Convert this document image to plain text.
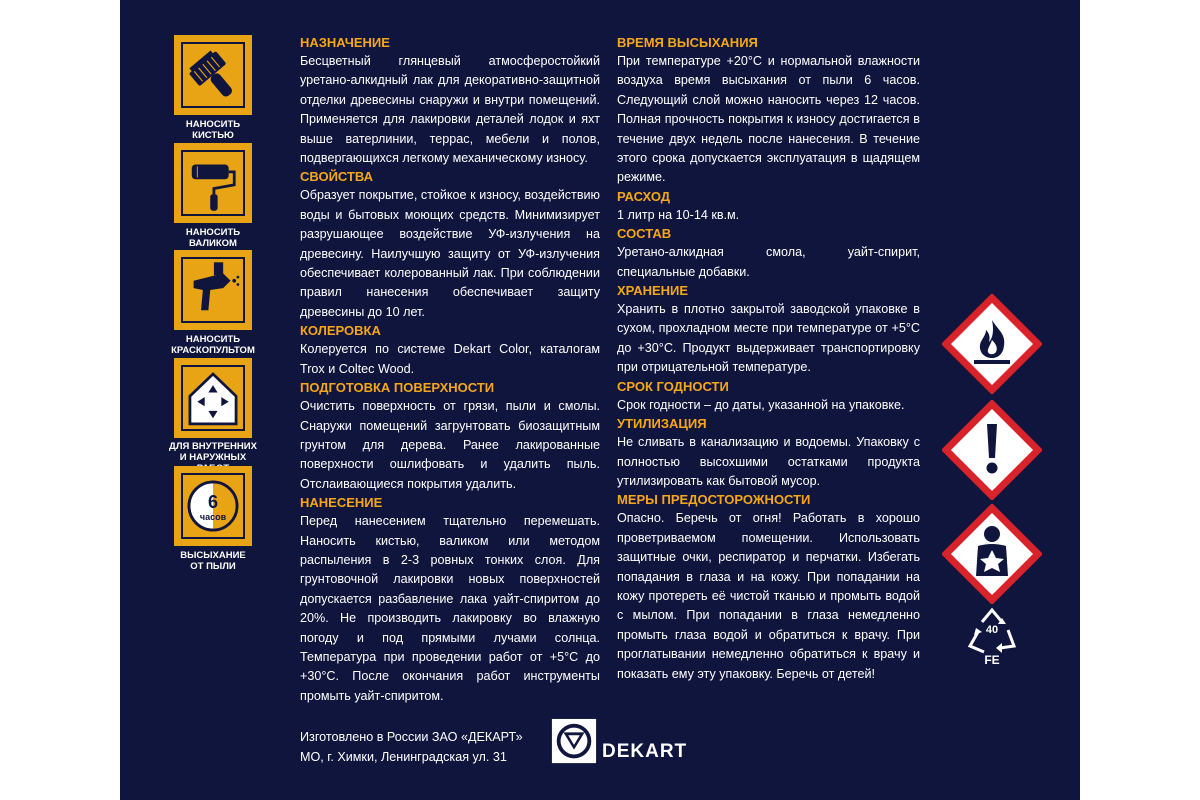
НАНОСИТЬ
КИСТЬЮ
НАНОСИТЬ
ВАЛИКОМ
НАНОСИТЬ
КРАСКОПУЛЬТОМ
ДЛЯ ВНУТРЕННИХ
И НАРУЖНЫХ
6
часов
ВЫСЫХАНИЕ
ОТ ПЫЛИ
НАЗНАЧЕНИЕ

Бесцветный глянцевый атмосферостойкий уретано-алкидный лак для декоративно-защитной отделки древесины снаружи и внутри помещений. Применяется для лакировки деталей лодок и яхт выше ватерлинии, террас, мебели и полов, подвергающихся легкому механическому износу.

СВОЙСТВА

Образует покрытие, стойкое к износу, воздействию воды и бытовых моющих средств. Минимизирует разрушающее воздействие УФ-излучения на древесину. Наилучшую защиту от УФ-излучения обеспечивает колерованный лак. При соблюдении правил нанесения обеспечивает защиту древесины до 10 лет.

КОЛЕРОВКА

Колеруется по системе Dekart Color, каталогам Trox и Coltec Wood.

ПОДГОТОВКА ПОВЕРХНОСТИ

Очистить поверхность от грязи, пыли и смолы. Снаружи помещений загрунтовать биозащитным грунтом для дерева. Ранее лакированные поверхности ошлифовать и удалить пыль. Отслаивающиеся покрытия удалить.

НАНЕСЕНИЕ

Перед нанесением тщательно перемешать. Наносить кистью, валиком или методом распыления в 2-3 ровных тонких слоя. Для грунтовочной лакировки новых поверхностей допускается разбавление лака уайт-спиритом до 20%. Не производить лакировку во влажную погоду и под прямыми лучами солнца. Температура при проведении работ от +5°С до +30°С. После окончания работ инструменты промыть уайт-спиритом.

ВРЕМЯ ВЫСЫХАНИЯ

При температуре +20°С и нормальной влажности воздуха время высыхания от пыли 6 часов. Следующий слой можно наносить через 12 часов. Полная прочность покрытия к износу достигается в течение двух недель после нанесения. В течение этого срока допускается эксплуатация в щадящем режиме.

РАСХОД

1 литр на 10-14 кв.м.

СОСТАВ

Уретано-алкидная смола, уайт-спирит, специальные добавки.

ХРАНЕНИЕ

Хранить в плотно закрытой заводской упаковке в сухом, прохладном месте при температуре от +5°С до +30°С. Продукт выдерживает транспортировку при отрицательной температуре.

СРОК ГОДНОСТИ

Срок годности – до даты, указанной на упаковке.

УТИЛИЗАЦИЯ

Не сливать в канализацию и водоемы. Упаковку с полностью высохшими остатками продукта утилизировать как бытовой мусор.

МЕРЫ ПРЕДОСТОРОЖНОСТИ

Опасно. Беречь от огня! Работать в хорошо проветриваемом помещении. Использовать защитные очки, респиратор и перчатки. Избегать попадания в глаза и на кожу. При попадании на кожу протереть её чистой тканью и промыть водой с мылом. При попадании в глаза немедленно промыть глаза водой и обратиться к врачу. При проглатывании немедленно обратиться к врачу и показать ему эту упаковку. Беречь от детей!

40
FE
Изготовлено в России ЗАО «ДЕКАРТ»
МО, г. Химки, Ленинградская ул. 31	DEKART
